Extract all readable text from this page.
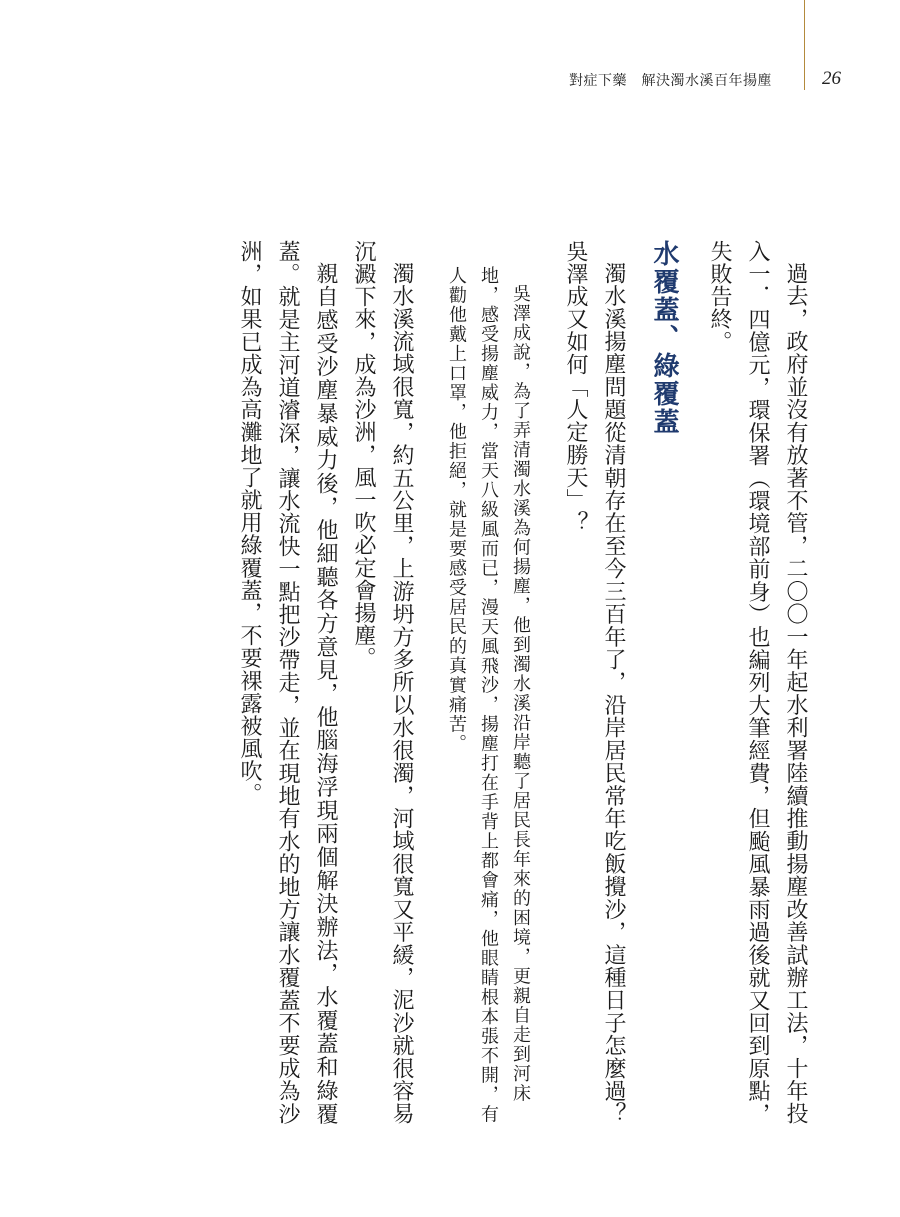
對症下藥　解決濁水溪百年揚塵	26

過去，政府並沒有放著不管，二〇〇一年起水利署陸續推動揚塵改善試辦工法，十年投入一．四億元，環保署（環境部前身）也編列大筆經費，但颱風暴雨過後就又回到原點，失敗告終。

水覆蓋、綠覆蓋

濁水溪揚塵問題從清朝存在至今三百年了，沿岸居民常年吃飯攪沙，這種日子怎麼過？吳澤成又如何「人定勝天」？

吳澤成說，為了弄清濁水溪為何揚塵，他到濁水溪沿岸聽了居民長年來的困境，更親自走到河床地，感受揚塵威力，當天八級風而已，漫天風飛沙，揚塵打在手背上都會痛，他眼睛根本張不開，有人勸他戴上口罩，他拒絕，就是要感受居民的真實痛苦。

濁水溪流域很寬，約五公里，上游坍方多所以水很濁，河域很寬又平緩，泥沙就很容易沉澱下來，成為沙洲，風一吹必定會揚塵。

親自感受沙塵暴威力後，他細聽各方意見，他腦海浮現兩個解決辦法，水覆蓋和綠覆蓋。就是主河道濬深，讓水流快一點把沙帶走，並在現地有水的地方讓水覆蓋不要成為沙洲，如果已成為高灘地了就用綠覆蓋，不要裸露被風吹。
